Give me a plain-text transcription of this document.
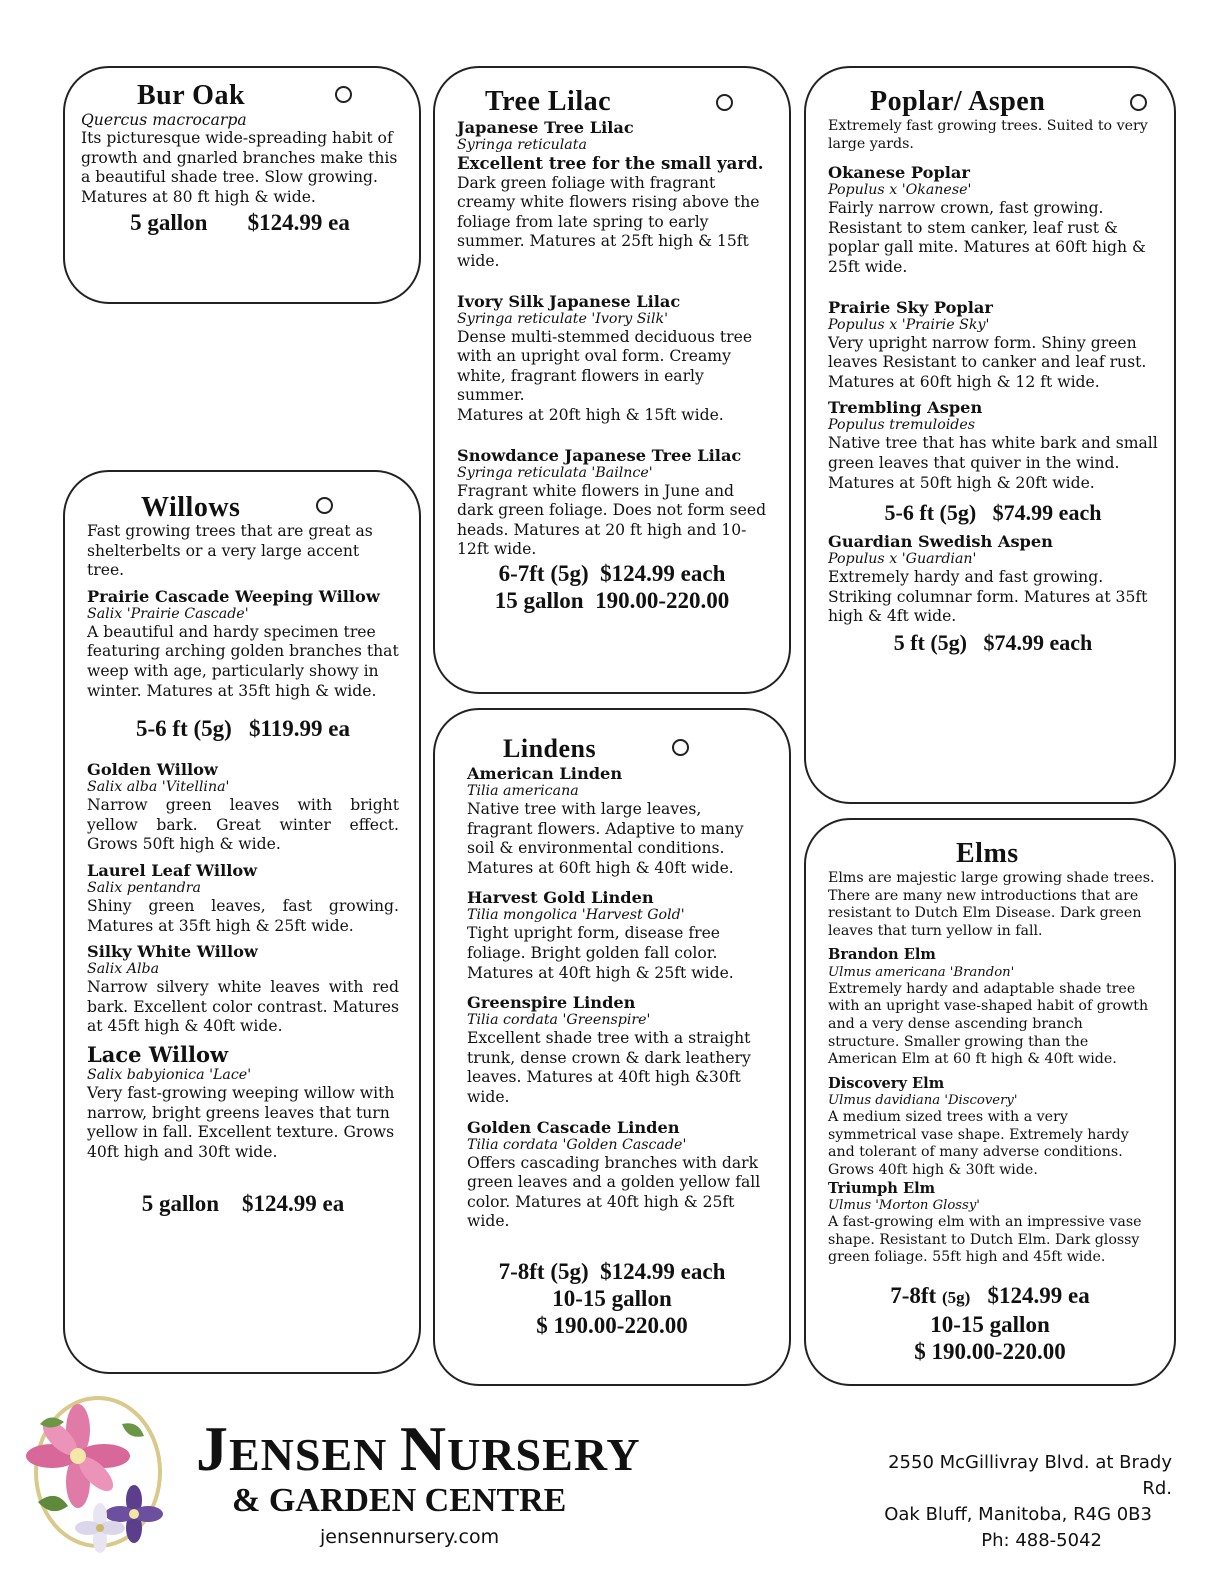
Bur Oak
Quercus macrocarpa
Its picturesque wide-spreading habit of growth and gnarled branches make this a beautiful shade tree. Slow growing. Matures at 80 ft high & wide.
5 gallon       $124.99 ea
Tree Lilac
Japanese Tree Lilac
Syringa reticulata
Excellent tree for the small yard.
Dark green foliage with fragrant creamy white flowers rising above the foliage from late spring to early summer. Matures at 25ft high & 15ft wide.
Ivory Silk Japanese Lilac
Syringa reticulate 'Ivory Silk'
Dense multi-stemmed deciduous tree with an upright oval form. Creamy white, fragrant flowers in early summer.
Matures at 20ft high & 15ft wide.
Snowdance Japanese Tree Lilac
Syringa reticulata 'Bailnce'
Fragrant white flowers in June and dark green foliage. Does not form seed heads. Matures at 20 ft high and 10-12ft wide.
6-7ft (5g)  $124.99 each
15 gallon  190.00-220.00
Poplar/ Aspen
Extremely fast growing trees. Suited to very large yards.
Okanese Poplar
Populus x 'Okanese'
Fairly narrow crown, fast growing. Resistant to stem canker, leaf rust & poplar gall mite. Matures at 60ft high & 25ft wide.
Prairie Sky Poplar
Populus x 'Prairie Sky'
Very upright narrow form. Shiny green leaves Resistant to canker and leaf rust. Matures at 60ft high & 12 ft wide.
Trembling Aspen
Populus tremuloides
Native tree that has white bark and small green leaves that quiver in the wind. Matures at 50ft high & 20ft wide.
5-6 ft (5g)   $74.99 each
Guardian Swedish Aspen
Populus x 'Guardian'
Extremely hardy and fast growing. Striking columnar form. Matures at 35ft high & 4ft wide.
5 ft (5g)   $74.99 each
Willows
Fast growing trees that are great as shelterbelts or a very large accent tree.
Prairie Cascade Weeping Willow
Salix 'Prairie Cascade'
A beautiful and hardy specimen tree featuring arching golden branches that weep with age, particularly showy in winter. Matures at 35ft high & wide.
5-6 ft (5g)   $119.99 ea
Golden Willow
Salix alba 'Vitellina'
Narrow green leaves with bright yellow bark. Great winter effect. Grows 50ft high & wide.
Laurel Leaf Willow
Salix pentandra
Shiny green leaves, fast growing. Matures at 35ft high & 25ft wide.
Silky White Willow
Salix Alba
Narrow silvery white leaves with red bark. Excellent color contrast. Matures at 45ft high & 40ft wide.
Lace Willow
Salix babyionica 'Lace'
Very fast-growing weeping willow with narrow, bright greens leaves that turn yellow in fall. Excellent texture. Grows 40ft high and 30ft wide.
5 gallon    $124.99 ea
Lindens
American Linden
Tilia americana
Native tree with large leaves, fragrant flowers. Adaptive to many soil & environmental conditions. Matures at 60ft high & 40ft wide.
Harvest Gold Linden
Tilia mongolica 'Harvest Gold'
Tight upright form, disease free foliage. Bright golden fall color. Matures at 40ft high & 25ft wide.
Greenspire Linden
Tilia cordata 'Greenspire'
Excellent shade tree with a straight trunk, dense crown & dark leathery leaves. Matures at 40ft high &30ft wide.
Golden Cascade Linden
Tilia cordata 'Golden Cascade'
Offers cascading branches with dark green leaves and a golden yellow fall color. Matures at 40ft high & 25ft wide.
7-8ft (5g)  $124.99 each
10-15 gallon
$ 190.00-220.00
Elms
Elms are majestic large growing shade trees. There are many new introductions that are resistant to Dutch Elm Disease. Dark green leaves that turn yellow in fall.
Brandon Elm
Ulmus americana 'Brandon'
Extremely hardy and adaptable shade tree with an upright vase-shaped habit of growth and a very dense ascending branch structure. Smaller growing than the American Elm at 60 ft high & 40ft wide.
Discovery Elm
Ulmus davidiana 'Discovery'
A medium sized trees with a very symmetrical vase shape. Extremely hardy and tolerant of many adverse conditions. Grows 40ft high & 30ft wide.
Triumph Elm
Ulmus 'Morton Glossy'
A fast-growing elm with an impressive vase shape. Resistant to Dutch Elm. Dark glossy green foliage. 55ft high and 45ft wide.
7-8ft (5g)   $124.99 ea
10-15 gallon
$ 190.00-220.00
JENSEN NURSERY
& GARDEN CENTRE
jensennursery.com
2550 McGillivray Blvd. at Brady Rd.
Oak Bluff, Manitoba, R4G 0B3
Ph: 488-5042
